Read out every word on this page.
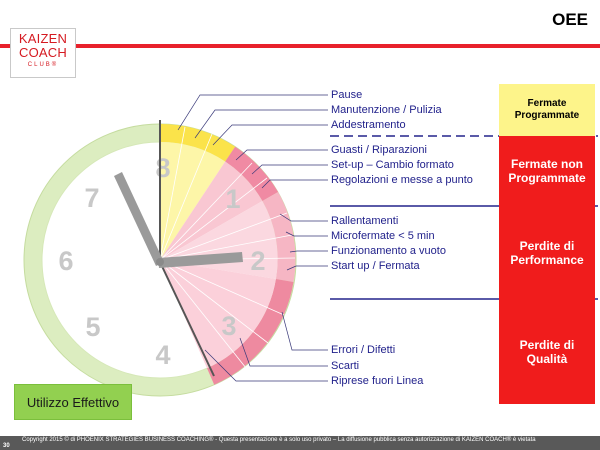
KAIZEN
COACH
CLUB®
OEE
8
1
2
3
4
5
6
7
Pause
Manutenzione / Pulizia
Addestramento
Guasti / Riparazioni
Set-up – Cambio formato
Regolazioni e messe a punto
Rallentamenti
Microfermate < 5 min
Funzionamento a vuoto
Start up / Fermata
Errori / Difetti
Scarti
Riprese fuori Linea
Fermate Programmate
Fermate non Programmate
Perdite di Performance
Perdite di Qualità
Utilizzo Effettivo
30
Copyright 2015 © di PHOENIX STRATEGIES BUSINESS COACHING® - Questa presentazione è a solo uso privato – La diffusione pubblica senza autorizzazione di KAIZEN COACH® è vietata
